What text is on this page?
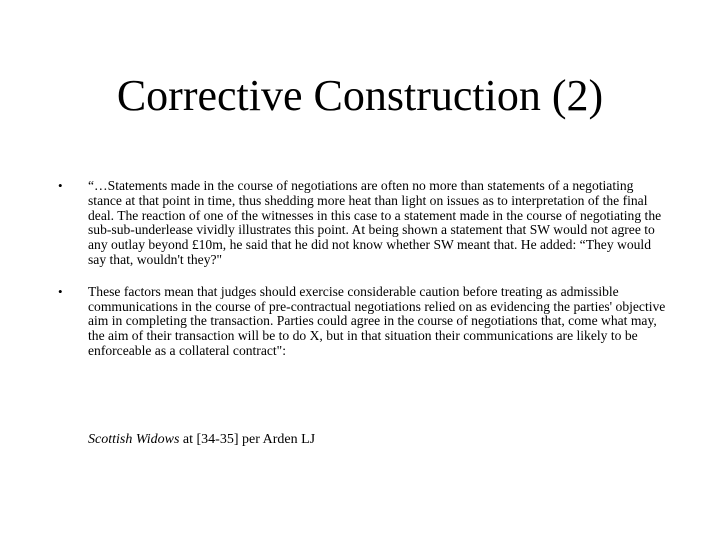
Corrective Construction (2)
• “…Statements made in the course of negotiations are often no more than statements of a negotiating stance at that point in time, thus shedding more heat than light on issues as to interpretation of the final deal. The reaction of one of the witnesses in this case to a statement made in the course of negotiating the sub-sub-underlease vividly illustrates this point. At being shown a statement that SW would not agree to any outlay beyond £10m, he said that he did not know whether SW meant that. He added: “They would say that, wouldn't they?"
• These factors mean that judges should exercise considerable caution before treating as admissible communications in the course of pre-contractual negotiations relied on as evidencing the parties' objective aim in completing the transaction. Parties could agree in the course of negotiations that, come what may, the aim of their transaction will be to do X, but in that situation their communications are likely to be enforceable as a collateral contract":

Scottish Widows at [34-35] per Arden LJ
